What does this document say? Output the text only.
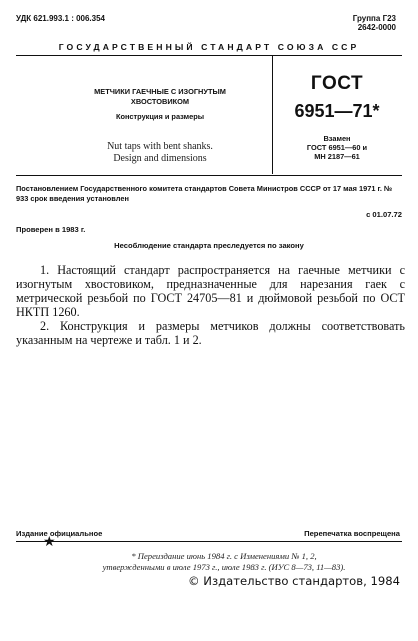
УДК 621.993.1 : 006.354	Группа Г23
2642-0000
ГОСУДАРСТВЕННЫЙ СТАНДАРТ СОЮЗА ССР
МЕТЧИКИ ГАЕЧНЫЕ С ИЗОГНУТЫМ
ХВОСТОВИКОМ
Конструкция и размеры
Nut taps with bent shanks.
Design and dimensions
ГОСТ
6951—71*
Взамен
ГОСТ 6951—60 и
МН 2187—61
Постановлением Государственного комитета стандартов Совета Министров СССР от 17 мая 1971 г. № 933 срок введения установлен
с 01.07.72
Проверен в 1983 г.
Несоблюдение стандарта преследуется по закону

1. Настоящий стандарт распространяется на гаечные метчики с изогнутым хвостовиком, предназначенные для нарезания гаек с метрической резьбой по ГОСТ 24705—81 и дюймовой резьбой по ОСТ НКТП 1260.

2. Конструкция и размеры метчиков должны соответствовать указанным на чертеже и табл. 1 и 2.

Издание официальное	Перепечатка воспрещена
★
* Переиздание июнь 1984 г. с Изменениями № 1, 2,
утвержденными в июле 1973 г., июле 1983 г. (ИУС 8—73, 11—83).
© Издательство стандартов, 1984
